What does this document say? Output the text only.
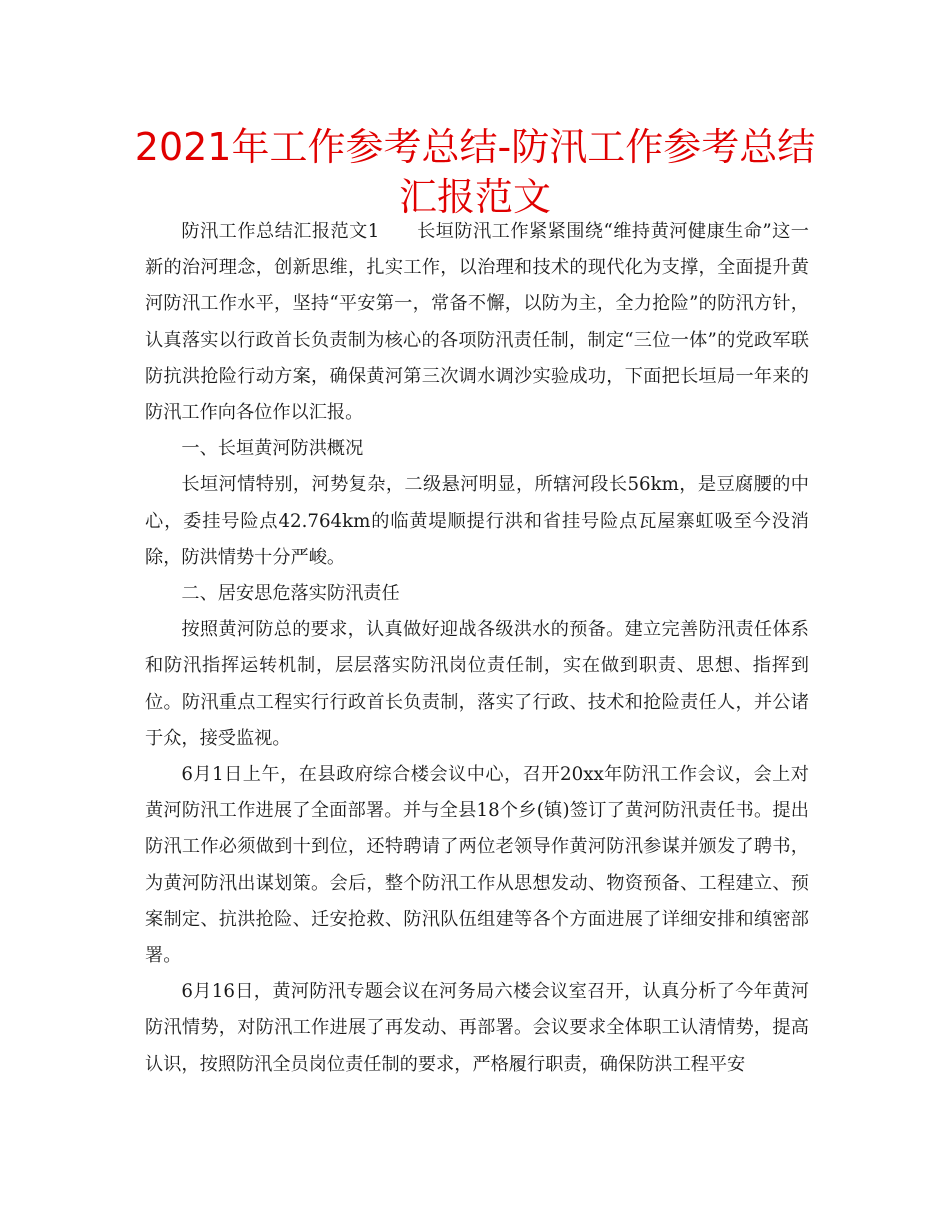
2021年工作参考总结-防汛工作参考总结汇报范文

防汛工作总结汇报范文1　　长垣防汛工作紧紧围绕“维持黄河健康生命”这一新的治河理念，创新思维，扎实工作，以治理和技术的现代化为支撑，全面提升黄河防汛工作水平，坚持“平安第一，常备不懈，以防为主，全力抢险”的防汛方针，认真落实以行政首长负责制为核心的各项防汛责任制，制定“三位一体”的党政军联防抗洪抢险行动方案，确保黄河第三次调水调沙实验成功，下面把长垣局一年来的防汛工作向各位作以汇报。

一、长垣黄河防洪概况

长垣河情特别，河势复杂，二级悬河明显，所辖河段长56km，是豆腐腰的中心，委挂号险点42.764km的临黄堤顺提行洪和省挂号险点瓦屋寨虹吸至今没消除，防洪情势十分严峻。

二、居安思危落实防汛责任

按照黄河防总的要求，认真做好迎战各级洪水的预备。建立完善防汛责任体系和防汛指挥运转机制，层层落实防汛岗位责任制，实在做到职责、思想、指挥到位。防汛重点工程实行行政首长负责制，落实了行政、技术和抢险责任人，并公诸于众，接受监视。

6月1日上午，在县政府综合楼会议中心，召开20xx年防汛工作会议，会上对黄河防汛工作进展了全面部署。并与全县18个乡(镇)签订了黄河防汛责任书。提出防汛工作必须做到十到位，还特聘请了两位老领导作黄河防汛参谋并颁发了聘书，为黄河防汛出谋划策。会后，整个防汛工作从思想发动、物资预备、工程建立、预案制定、抗洪抢险、迁安抢救、防汛队伍组建等各个方面进展了详细安排和缜密部署。

6月16日，黄河防汛专题会议在河务局六楼会议室召开，认真分析了今年黄河防汛情势，对防汛工作进展了再发动、再部署。会议要求全体职工认清情势，提高认识，按照防汛全员岗位责任制的要求，严格履行职责，确保防洪工程平安
